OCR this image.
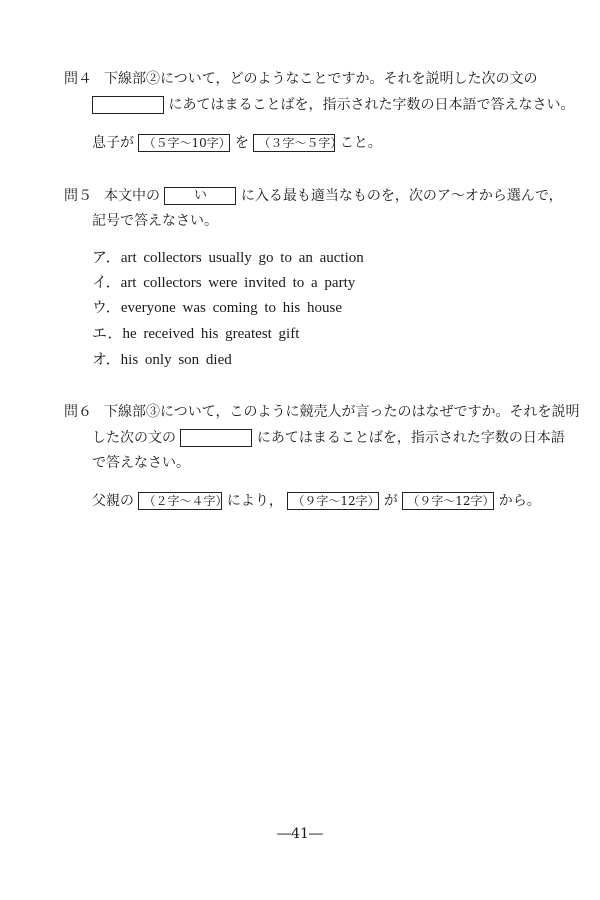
問４ 下線部②について，どのようなことですか。それを説明した次の文の
にあてはまることばを，指示された字数の日本語で答えなさい。
息子が （５字～10字） を （３字～５字） こと。
問５ 本文中の	い に入る最も適当なものを，次のア～オから選んで，
記号で答えなさい。
ア．art collectors usually go to an auction
イ．art collectors were invited to a party
ウ．everyone was coming to his house
エ．he received his greatest gift
オ．his only son died
問６ 下線部③について，このように競売人が言ったのはなぜですか。それを説明
した次の文の	にあてはまることばを，指示された字数の日本語
で答えなさい。
父親の （２字～４字） により， （９字～12字） が （９字～12字） から。
―41―
